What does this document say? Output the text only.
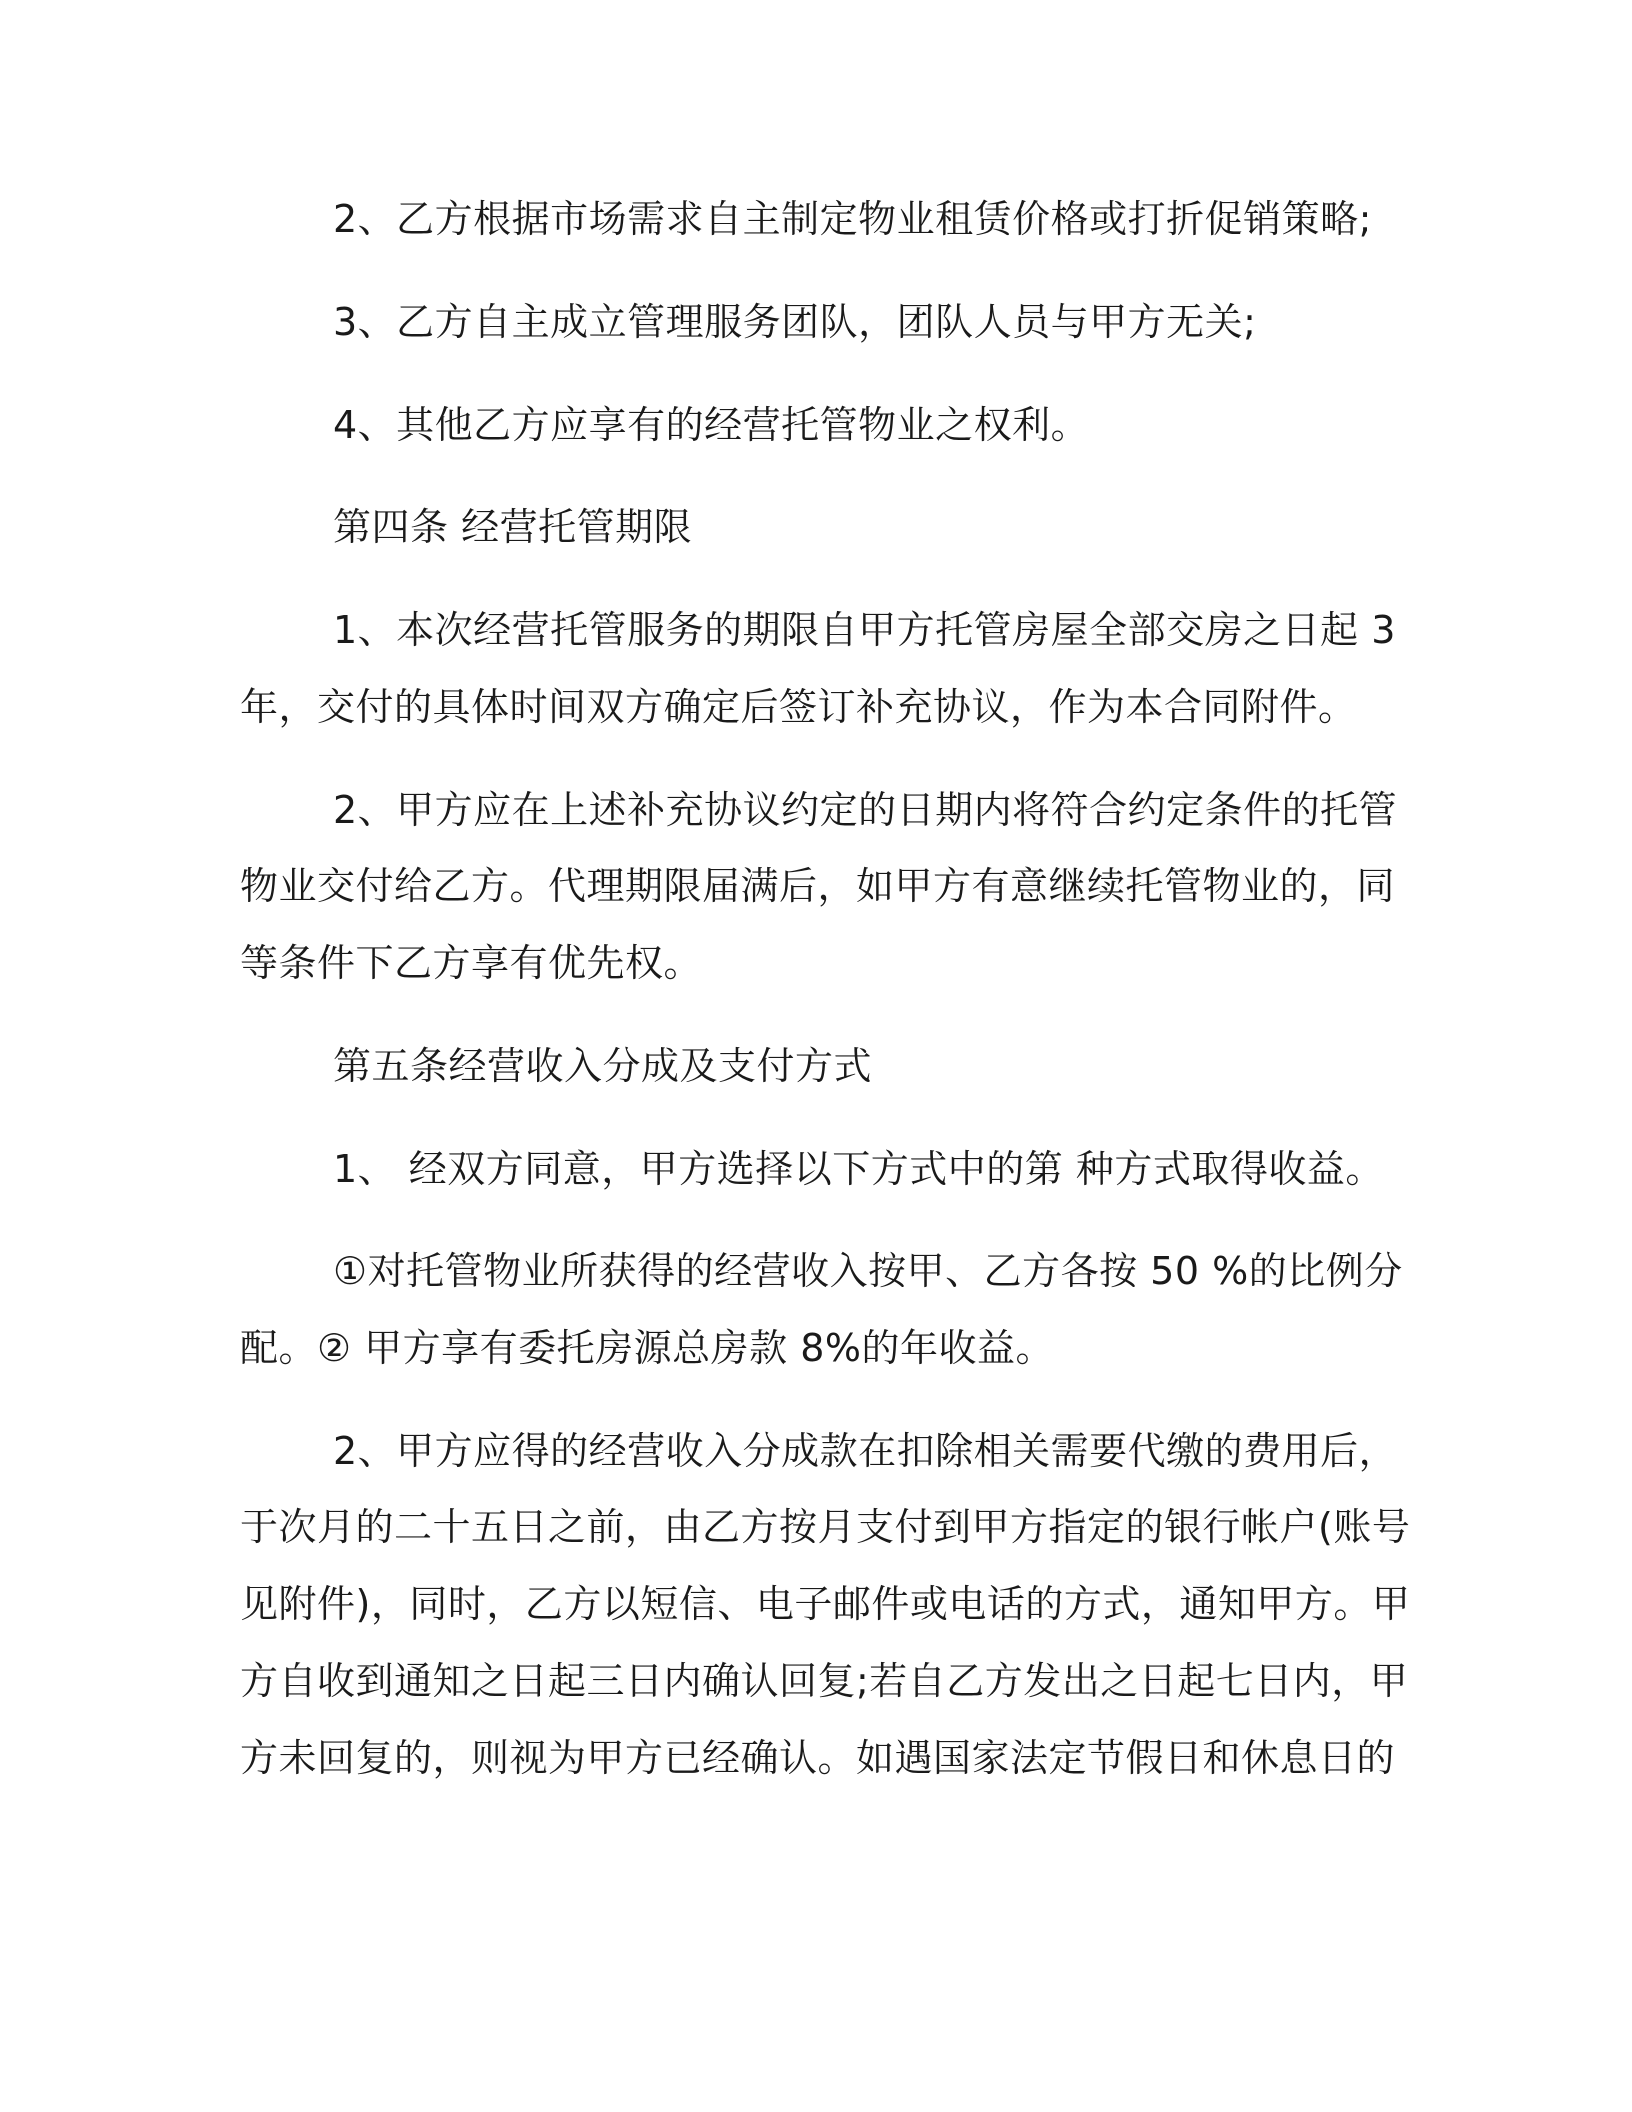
2、乙方根据市场需求自主制定物业租赁价格或打折促销策略;
3、乙方自主成立管理服务团队，团队人员与甲方无关;
4、其他乙方应享有的经营托管物业之权利。
第四条 经营托管期限
1、本次经营托管服务的期限自甲方托管房屋全部交房之日起 3
年，交付的具体时间双方确定后签订补充协议，作为本合同附件。
2、甲方应在上述补充协议约定的日期内将符合约定条件的托管
物业交付给乙方。代理期限届满后，如甲方有意继续托管物业的，同
等条件下乙方享有优先权。
第五条经营收入分成及支付方式
1、 经双方同意，甲方选择以下方式中的第 种方式取得收益。
①对托管物业所获得的经营收入按甲、乙方各按 50 %的比例分
配。② 甲方享有委托房源总房款 8%的年收益。
2、甲方应得的经营收入分成款在扣除相关需要代缴的费用后，
于次月的二十五日之前，由乙方按月支付到甲方指定的银行帐户(账号
见附件)，同时，乙方以短信、电子邮件或电话的方式，通知甲方。甲
方自收到通知之日起三日内确认回复;若自乙方发出之日起七日内，甲
方未回复的，则视为甲方已经确认。如遇国家法定节假日和休息日的
